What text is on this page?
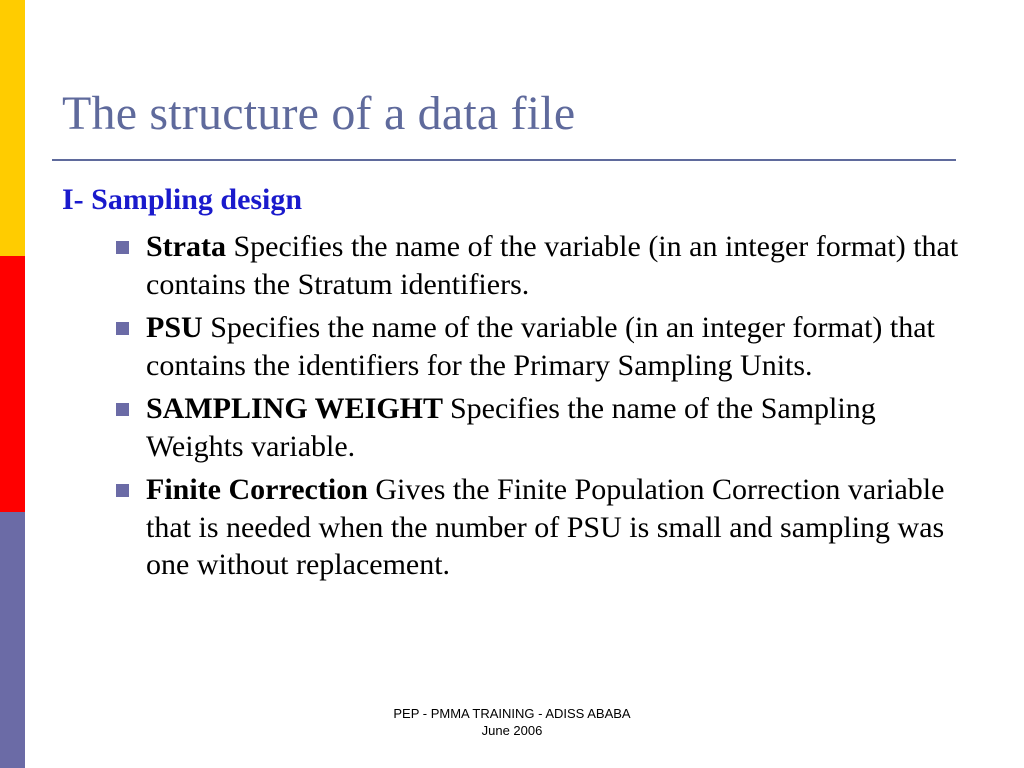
The structure of a data file
I- Sampling design
Strata Specifies the name of the variable (in an integer format) that contains the Stratum identifiers.
PSU Specifies the name of the variable (in an integer format) that contains the identifiers for the Primary Sampling Units.
SAMPLING WEIGHT Specifies the name of the Sampling Weights variable.
Finite Correction Gives the Finite Population Correction variable that is needed when the number of PSU is small and sampling was one without replacement.
PEP - PMMA TRAINING - ADISS ABABA
June 2006
